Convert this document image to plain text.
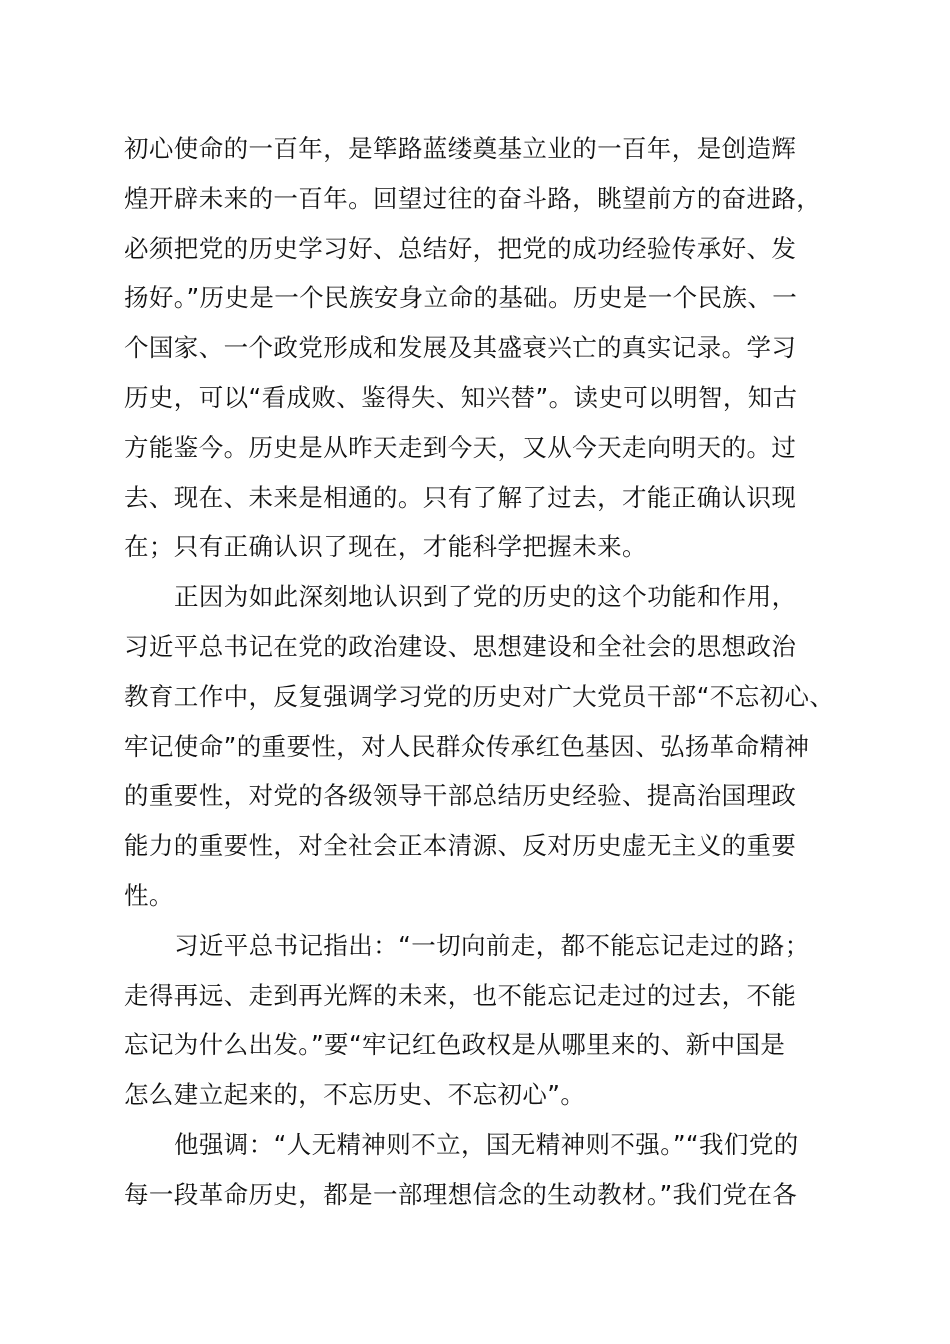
初心使命的一百年，是筚路蓝缕奠基立业的一百年，是创造辉
煌开辟未来的一百年。回望过往的奋斗路，眺望前方的奋进路，
必须把党的历史学习好、总结好，把党的成功经验传承好、发
扬好。”历史是一个民族安身立命的基础。历史是一个民族、一
个国家、一个政党形成和发展及其盛衰兴亡的真实记录。学习
历史，可以“看成败、鉴得失、知兴替”。读史可以明智，知古
方能鉴今。历史是从昨天走到今天，又从今天走向明天的。过
去、现在、未来是相通的。只有了解了过去，才能正确认识现
在；只有正确认识了现在，才能科学把握未来。

正因为如此深刻地认识到了党的历史的这个功能和作用，
习近平总书记在党的政治建设、思想建设和全社会的思想政治
教育工作中，反复强调学习党的历史对广大党员干部“不忘初心、
牢记使命”的重要性，对人民群众传承红色基因、弘扬革命精神
的重要性，对党的各级领导干部总结历史经验、提高治国理政
能力的重要性，对全社会正本清源、反对历史虚无主义的重要
性。

习近平总书记指出：“一切向前走，都不能忘记走过的路；
走得再远、走到再光辉的未来，也不能忘记走过的过去，不能
忘记为什么出发。”要“牢记红色政权是从哪里来的、新中国是
怎么建立起来的，不忘历史、不忘初心”。

他强调：“人无精神则不立，国无精神则不强。”“我们党的
每一段革命历史，都是一部理想信念的生动教材。”我们党在各
